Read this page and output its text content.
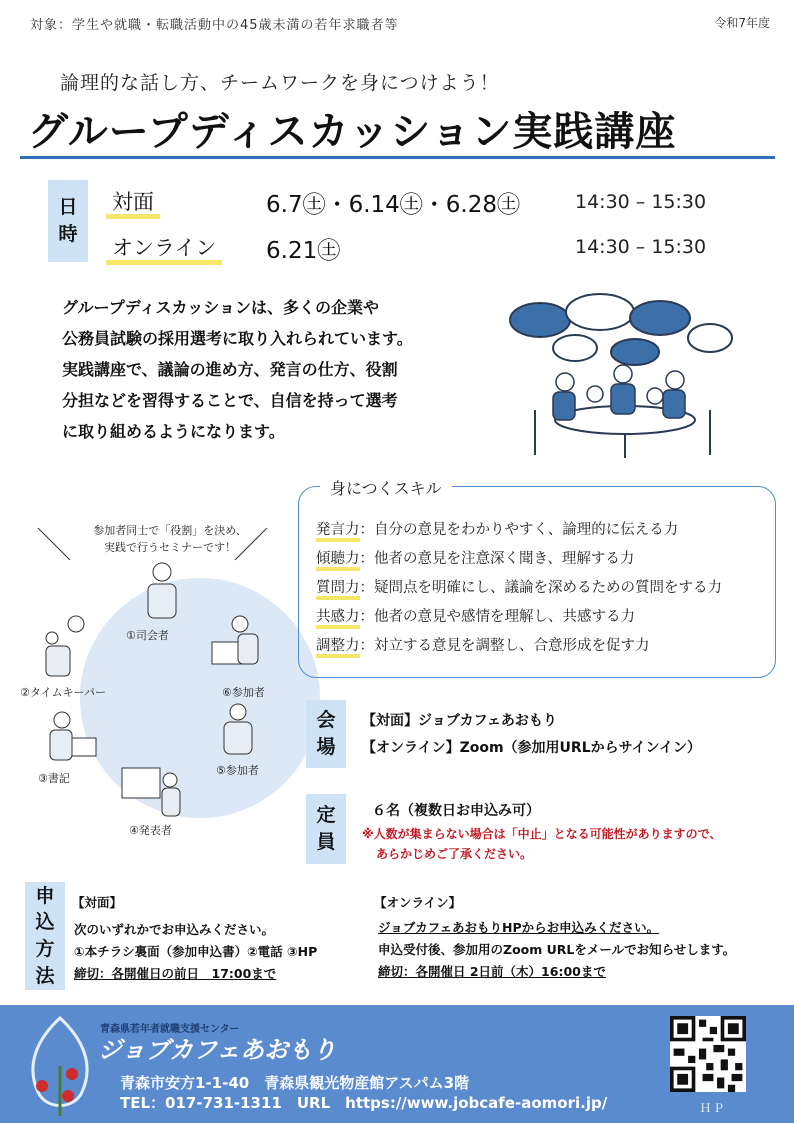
対象：学生や就職・転職活動中の45歳未満の若年求職者等	令和7年度
論理的な話し方、チームワークを身につけよう！
グループディスカッション実践講座
日
時
対面	6.7㊏・6.14㊏・6.28㊏	14:30 – 15:30
オンライン 6.21㊏	14:30 – 15:30
グループディスカッションは、多くの企業や
公務員試験の採用選考に取り入れられています。
実践講座で、議論の進め方、発言の仕方、役割
分担などを習得することで、自信を持って選考
に取り組めるようになります。
参加者同士で「役割」を決め、
実践で行うセミナーです！
①司会者
⑥参加者
⑤参加者
④発表者
③書記
②タイムキーパー
身につくスキル
発言力：自分の意見をわかりやすく、論理的に伝える力
傾聴力：他者の意見を注意深く聞き、理解する力
質問力：疑問点を明確にし、議論を深めるための質問をする力
共感力：他者の意見や感情を理解し、共感する力
調整力：対立する意見を調整し、合意形成を促す力
会
場
【対面】ジョブカフェあおもり
【オンライン】Zoom（参加用URLからサインイン）
定
員
６名（複数日お申込み可）
※人数が集まらない場合は「中止」となる可能性がありますので、
あらかじめご了承ください。
申
込
方
法
【対面】
次のいずれかでお申込みください。
①本チラシ裏面（参加申込書）②電話 ③HP
締切：各開催日の前日　17:00まで
【オンライン】
ジョブカフェあおもりHPからお申込みください。
申込受付後、参加用のZoom URLをメールでお知らせします。
締切：各開催日 2日前（木）16:00まで
青森県若年者就職支援センター
ジョブカフェあおもり
青森市安方1-1-40　青森県観光物産館アスパム3階
TEL：017-731-1311　URL　https://www.jobcafe-aomori.jp/	ＨＰ
